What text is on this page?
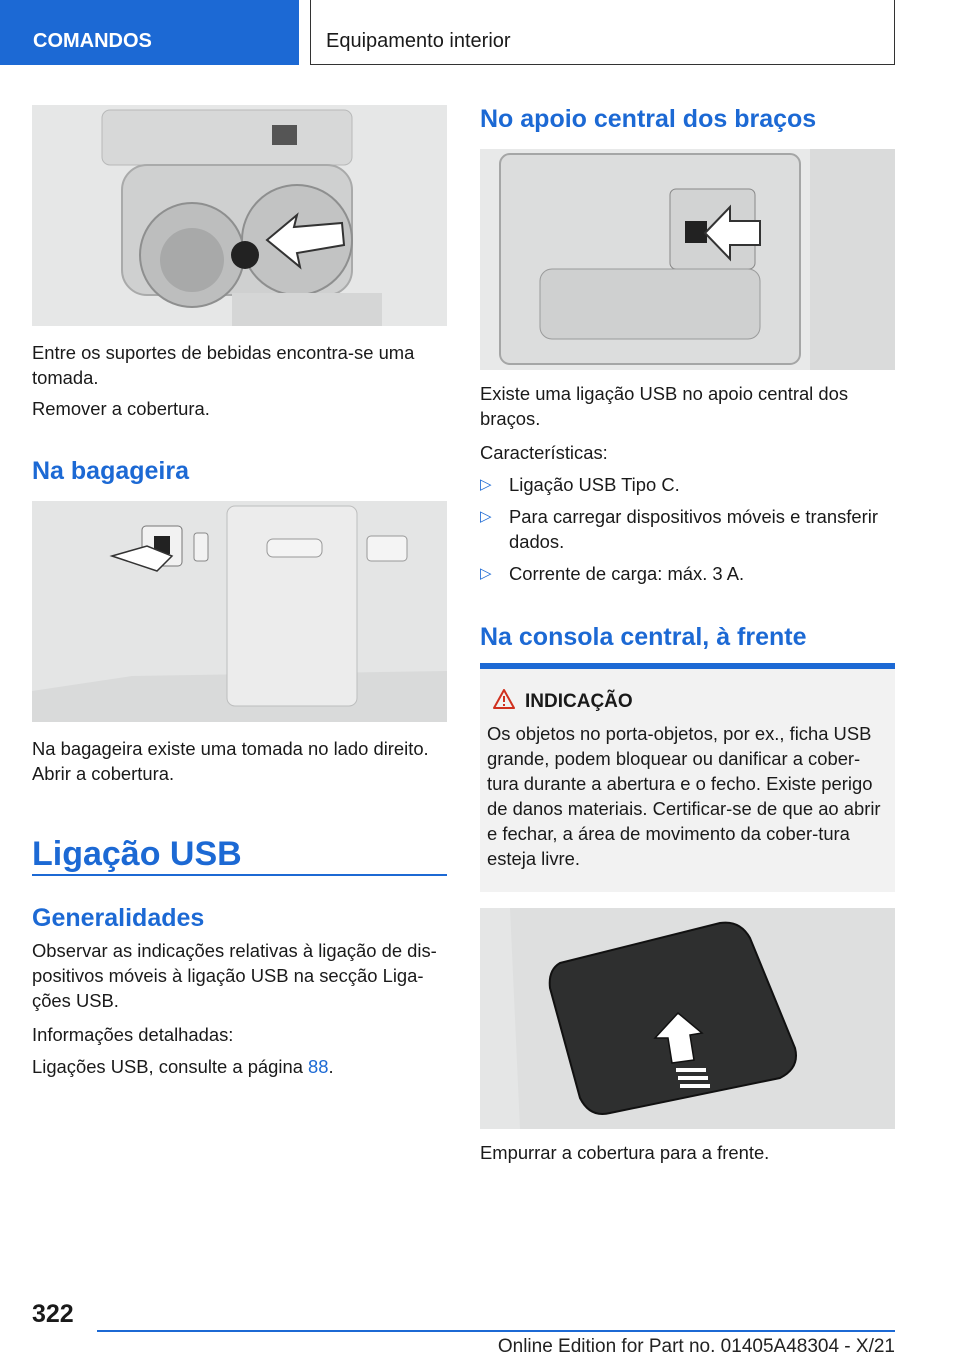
COMANDOS	Equipamento interior

Entre os suportes de bebidas encontra-se uma tomada.

Remover a cobertura.

Na bagageira

Na bagageira existe uma tomada no lado direito.

Abrir a cobertura.

Ligação USB
Generalidades

Observar as indicações relativas à ligação de dis-positivos móveis à ligação USB na secção Liga-ções USB.

Informações detalhadas:

Ligações USB, consulte a página 88.

No apoio central dos braços

Existe uma ligação USB no apoio central dos braços.

Características:

▷ Ligação USB Tipo C.
▷ Para carregar dispositivos móveis e transferir dados.
▷ Corrente de carga: máx. 3 A.
Na consola central, à frente
INDICAÇÃO
Os objetos no porta-objetos, por ex., ficha USB grande, podem bloquear ou danificar a cober-tura durante a abertura e o fecho. Existe perigo de danos materiais. Certificar-se de que ao abrir e fechar, a área de movimento da cober-tura esteja livre.

Empurrar a cobertura para a frente.

322
Online Edition for Part no. 01405A48304 - X/21
